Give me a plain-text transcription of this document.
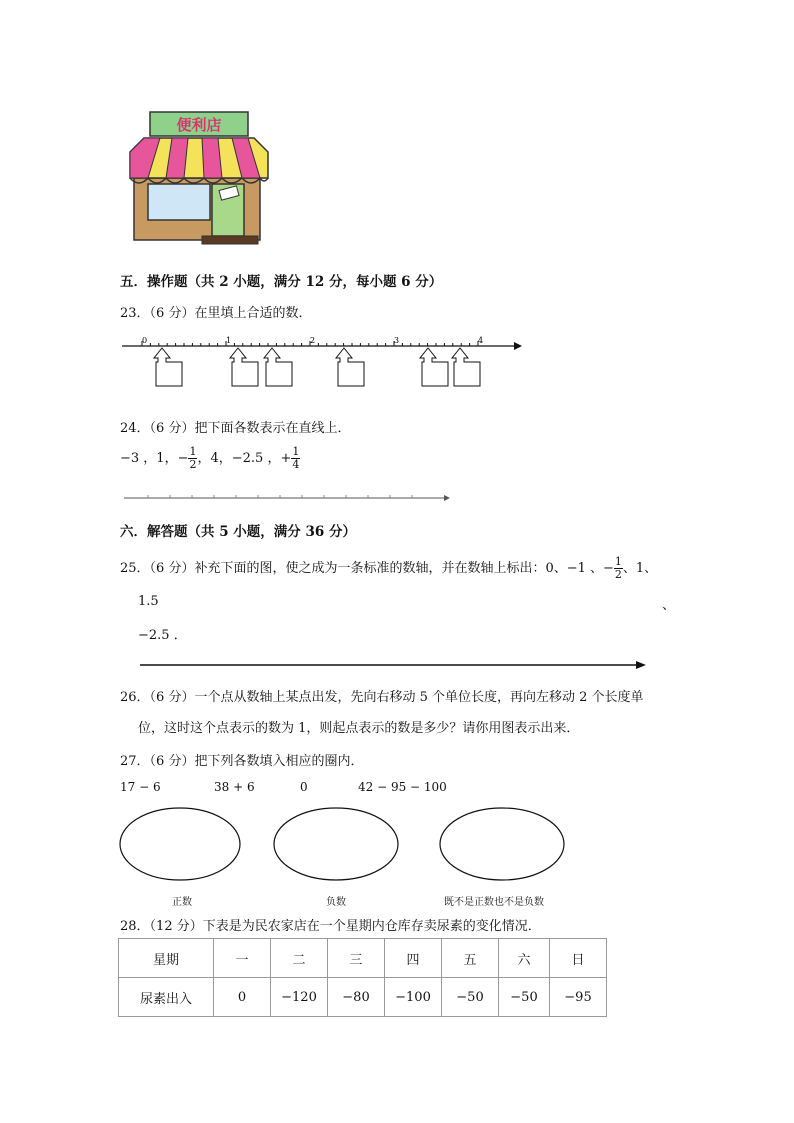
便利店
五．操作题（共 2 小题，满分 12 分，每小题 6 分）
23．（6 分）在里填上合适的数．
0	1	2	3	4
24．（6 分）把下面各数表示在直线上．
−3 ，1，− $\frac{1}{2}$ ，4，−2.5 ，+ $\frac{1}{4}$
六．解答题（共 5 小题，满分 36 分）
25．（6 分）补充下面的图，使之成为一条标准的数轴，并在数轴上标出：0、−1 、− $\frac{1}{2}$ 、1、
1.5	、
−2.5 ．
26．（6 分）一个点从数轴上某点出发，先向右移动 5 个单位长度，再向左移动 2 个长度单
位，这时这个点表示的数为 1，则起点表示的数是多少？请你用图表示出来．
27．（6 分）把下列各数填入相应的圈内．
17 − 6	38 + 6	0	42 − 95 − 100
正数	负数	既不是正数也不是负数
28．（12 分）下表是为民农家店在一个星期内仓库存卖尿素的变化情况．
星期	一	二	三	四	五	六	日
尿素出入	0	−120	−80	−100	−50	−50	−95
